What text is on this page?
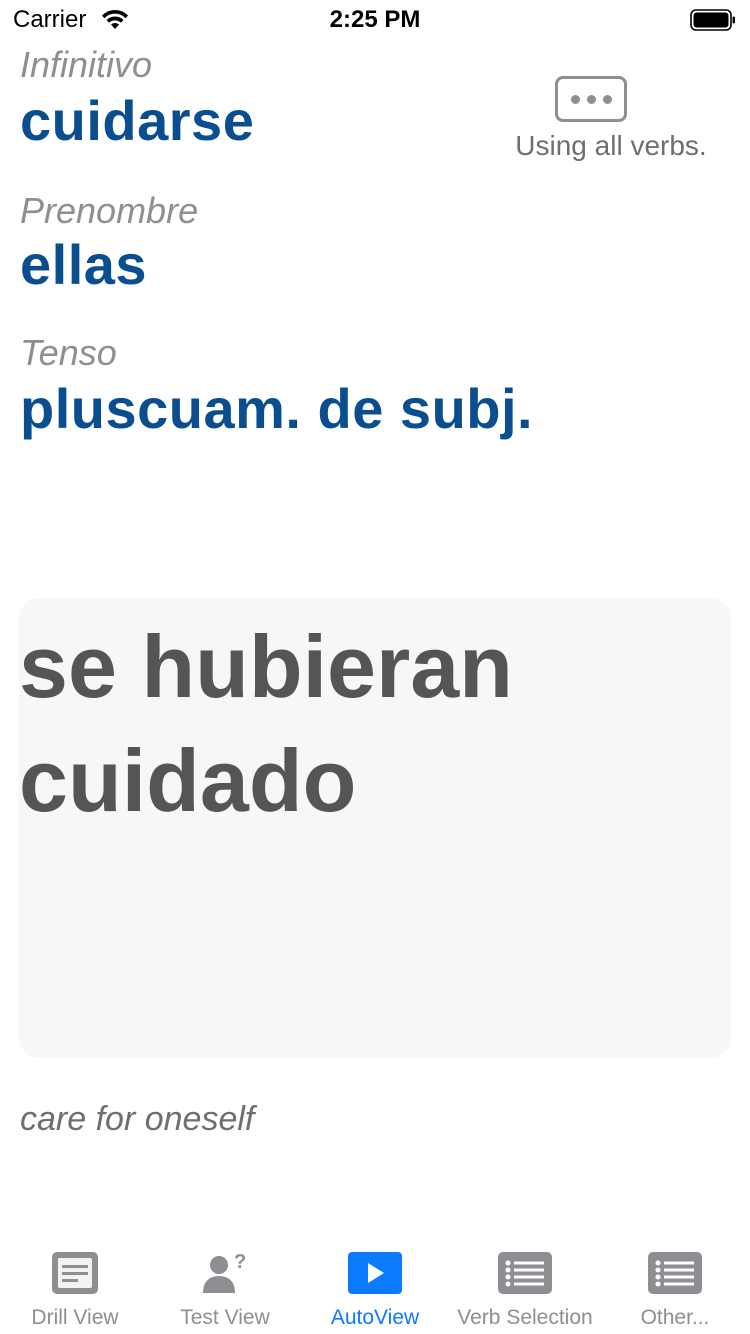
Carrier	2:25 PM
Infinitivo
cuidarse	Using all verbs.
Prenombre
ellas
Tenso
pluscuam. de subj.
se hubieran
cuidado
care for oneself
Drill View
?
Test View	AutoView	Verb Selection	Other...
